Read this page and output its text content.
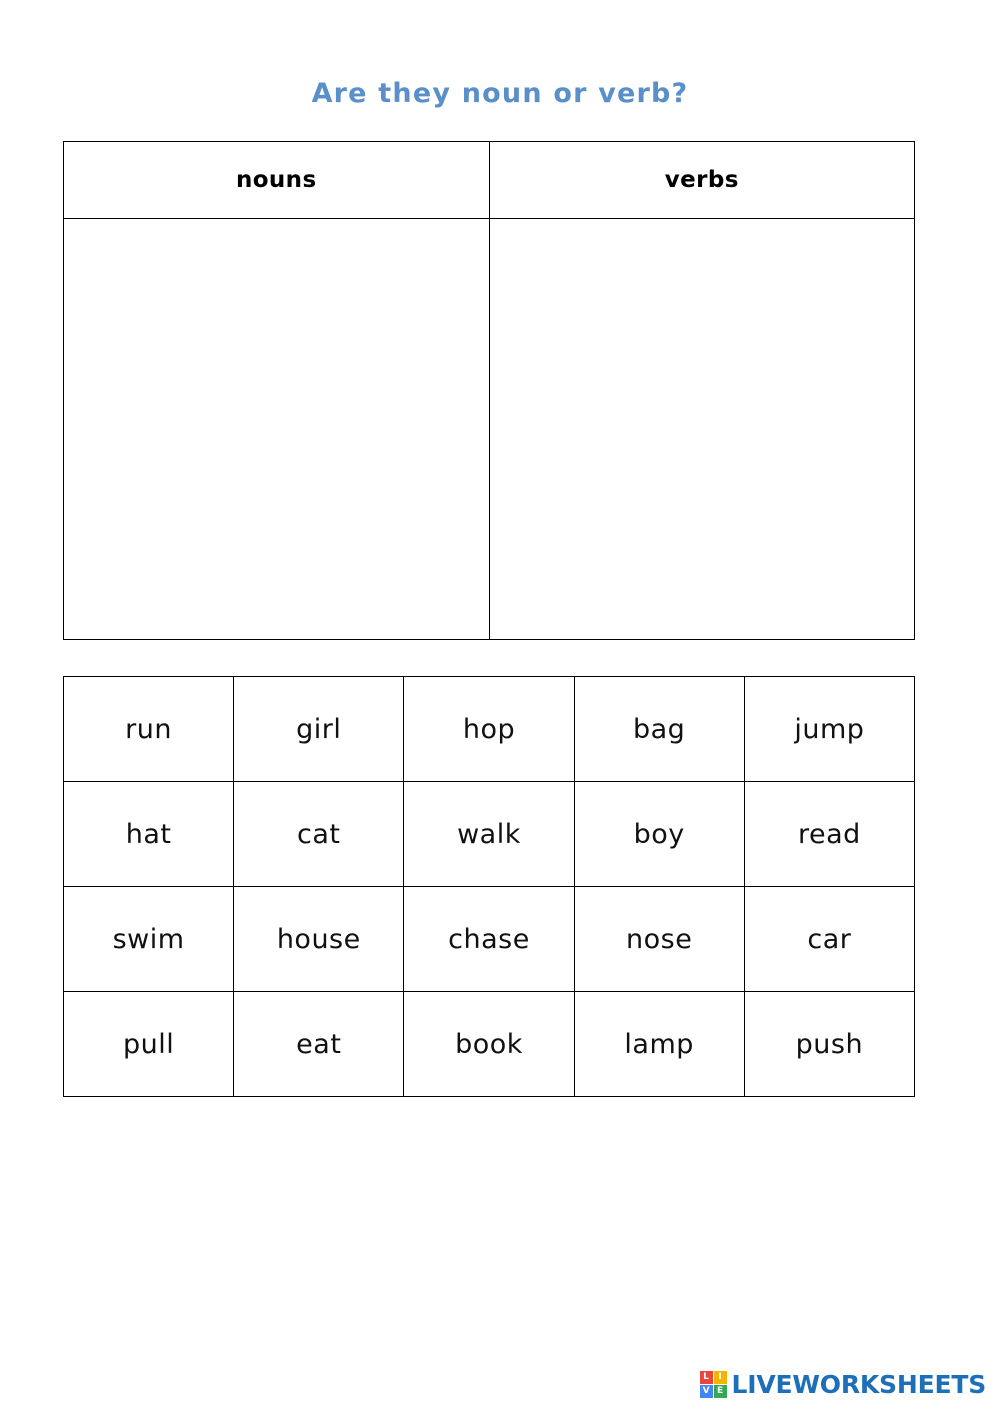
Are they noun or verb?
nouns	verbs

run	girl	hop	bag	jump
hat	cat	walk	boy	read
swim	house	chase	nose	car
pull	eat	book	lamp	push
L	I
V E LIVEWORKSHEETS
